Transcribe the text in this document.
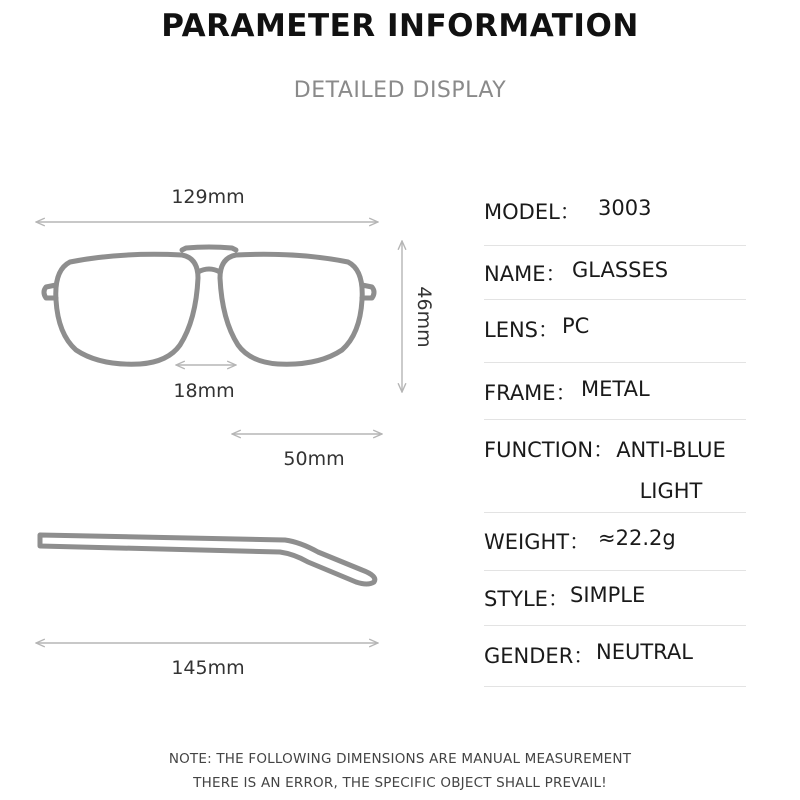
PARAMETER INFORMATION
DETAILED DISPLAY
129mm
46mm
18mm
50mm
145mm
MODEL： 3003
NAME： GLASSES
LENS： PC
FRAME： METAL
FUNCTION： ANTI-BLUE LIGHT
WEIGHT： ≈22.2g
STYLE： SIMPLE
GENDER： NEUTRAL
NOTE: THE FOLLOWING DIMENSIONS ARE MANUAL MEASUREMENT
THERE IS AN ERROR, THE SPECIFIC OBJECT SHALL PREVAIL!
